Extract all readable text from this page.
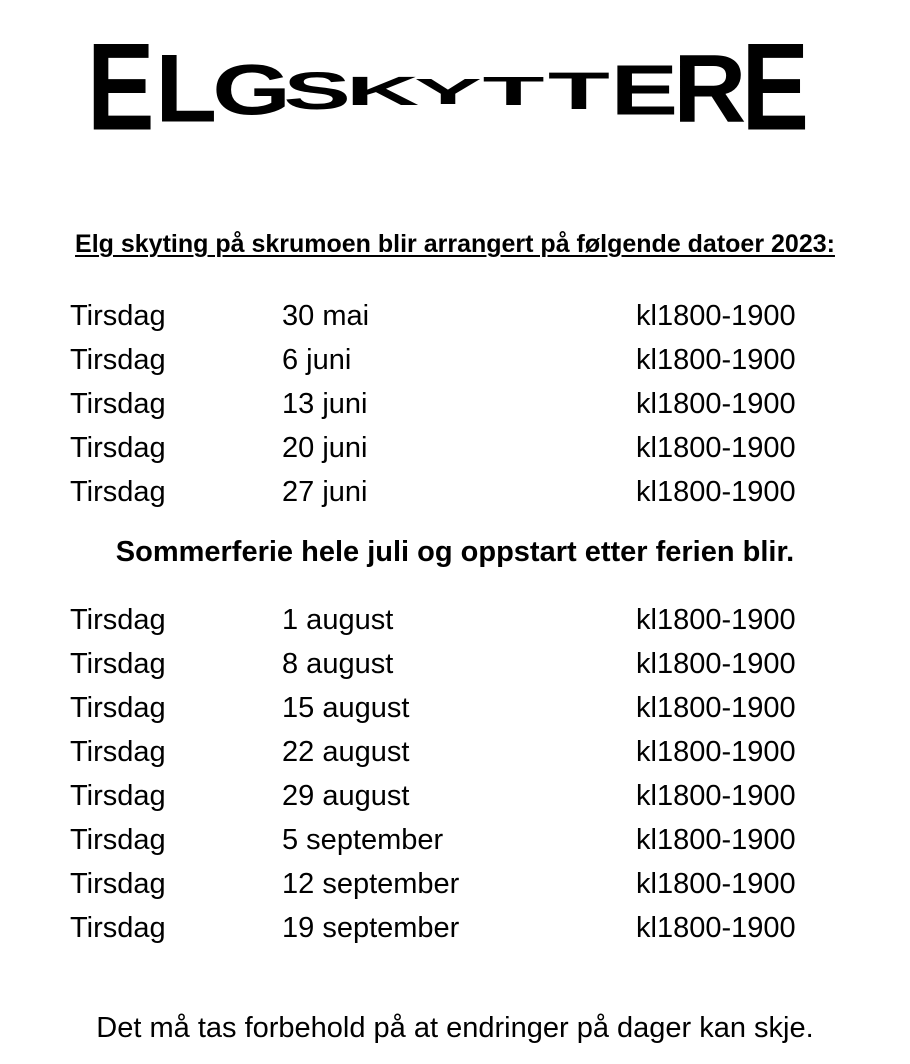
E L
G
S
K
Y T T E
R
E
Elg skyting på skrumoen blir arrangert på følgende datoer 2023:
Tirsdag	30 mai	kl1800-1900
Tirsdag	6 juni	kl1800-1900
Tirsdag	13 juni	kl1800-1900
Tirsdag	20 juni	kl1800-1900
Tirsdag	27 juni	kl1800-1900
Sommerferie hele juli og oppstart etter ferien blir.
Tirsdag	1 august	kl1800-1900
Tirsdag	8 august	kl1800-1900
Tirsdag	15 august	kl1800-1900
Tirsdag	22 august	kl1800-1900
Tirsdag	29 august	kl1800-1900
Tirsdag	5 september	kl1800-1900
Tirsdag	12 september	kl1800-1900
Tirsdag	19 september	kl1800-1900
Det må tas forbehold på at endringer på dager kan skje.
